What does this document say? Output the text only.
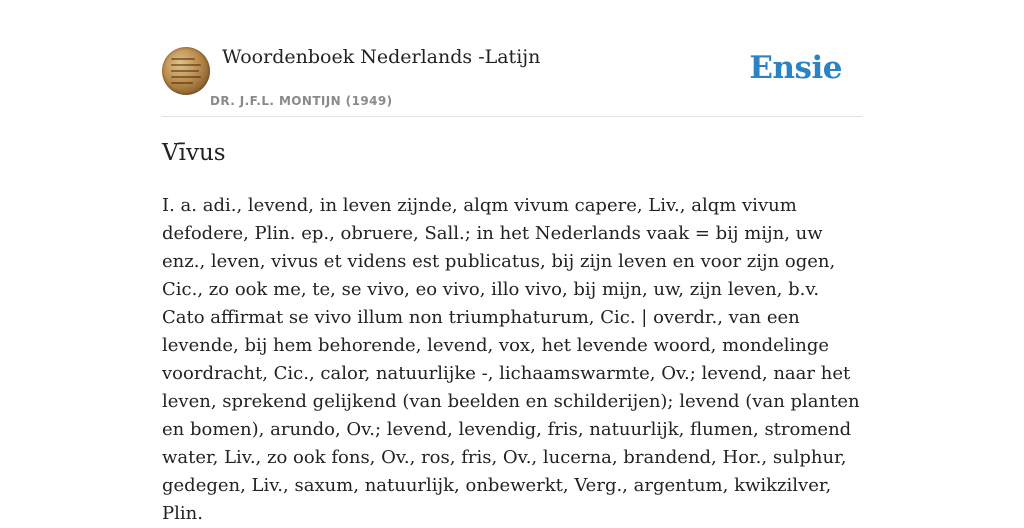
Woordenboek Nederlands -Latijn
DR. J.F.L. MONTIJN (1949)
Ensie
Vīvus

I. a. adi., levend, in leven zijnde, alqm vivum capere, Liv., alqm vivum defodere, Plin. ep., obruere, Sall.; in het Nederlands vaak = bij mijn, uw enz., leven, vivus et videns est publicatus, bij zijn leven en voor zijn ogen, Cic., zo ook me, te, se vivo, eo vivo, illo vivo, bij mijn, uw, zijn leven, b.v. Cato affirmat se vivo illum non triumphaturum, Cic. | overdr., van een levende, bij hem behorende, levend, vox, het levende woord, mondelinge voordracht, Cic., calor, natuurlijke -, lichaamswarmte, Ov.; levend, naar het leven, sprekend gelijkend (van beelden en schilderijen); levend (van planten en bomen), arundo, Ov.; levend, levendig, fris, natuurlijk, flumen, stromend water, Liv., zo ook fons, Ov., ros, fris, Ov., lucerna, brandend, Hor., sulphur, gedegen, Liv., saxum, natuurlijk, onbewerkt, Verg., argentum, kwikzilver, Plin.
